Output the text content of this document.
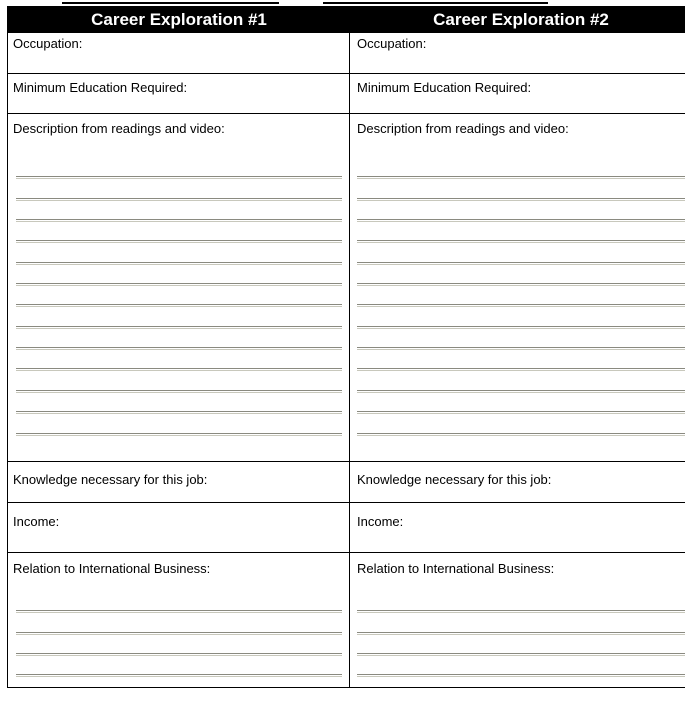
Career Exploration #1	Career Exploration #2
Occupation:
Minimum Education Required:
Description from readings and video:
Knowledge necessary for this job:
Income:
Relation to International Business:
Occupation:
Minimum Education Required:
Description from readings and video:
Knowledge necessary for this job:
Income:
Relation to International Business:
